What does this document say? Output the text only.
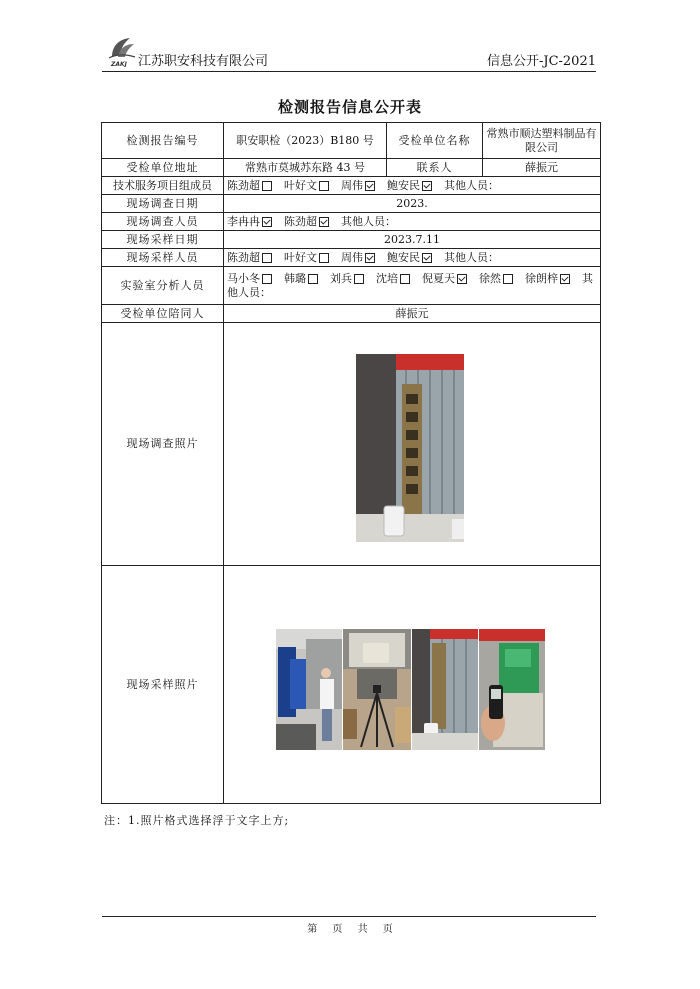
ZAKJ 江苏职安科技有限公司	信息公开-JC-2021
检测报告信息公开表
检测报告编号	职安职检（2023）B180 号	受检单位名称	常熟市顺达塑料制品有限公司
受检单位地址	常熟市莫城苏东路 43 号	联系人	薛振元
技术服务项目组成员	陈劲超 叶好文 周伟 鲍安民 其他人员：		
现场调查日期	2023.		
现场调查人员	李冉冉 陈劲超 其他人员：		
现场采样日期	2023.7.11		
现场采样人员	陈劲超 叶好文 周伟 鲍安民 其他人员：		
实验室分析人员	马小冬 韩璐 刘兵 沈培 倪夏天 徐然 徐朗梓 其他人员：		
受检单位陪同人	薛振元		
现场调查照片			
现场采样照片			
注：1.照片格式选择浮于文字上方;
第 页 共 页
